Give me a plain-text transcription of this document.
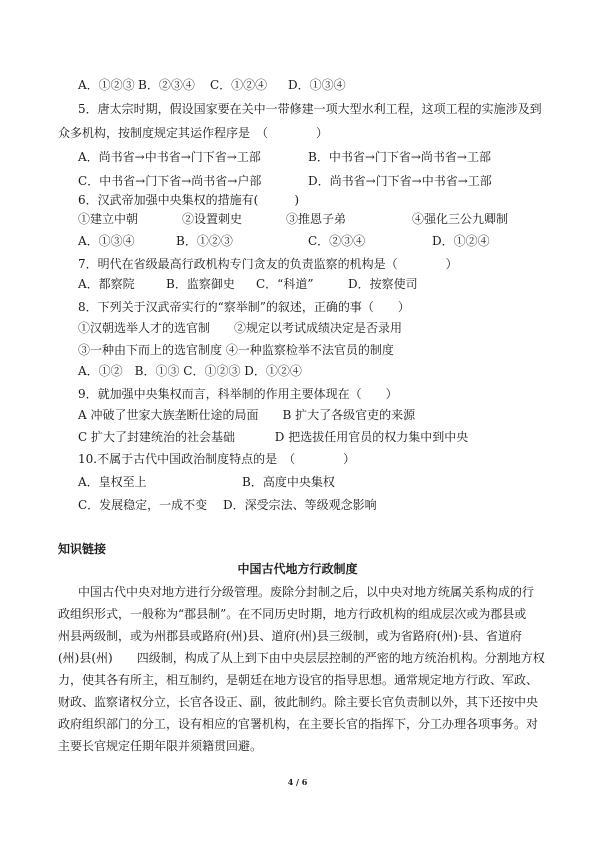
A．①②③ B．②③④ C．①②④ D．①③④
5．唐太宗时期，假设国家要在关中一带修建一项大型水利工程，这项工程的实施涉及到
众多机构，按制度规定其运作程序是　（　　　　）
A．尚书省→中书省→门下省→工部	B．中书省→门下省→尚书省→工部
C．中书省→门下省→尚书省→户部	D．尚书省→门下省→中书省→工部
6．汉武帝加强中央集权的措施有(　　　)
①建立中朝	②设置刺史	③推恩子弟	④强化三公九卿制
A．①③④	B．①②③	C．②③④	D．①②④
7．明代在省级最高行政机构专门贪友的负责监察的机构是（　　　　）
A．都察院	B．监察御史 C．“科道”	D．按察使司
8．下列关于汉武帝实行的“察举制”的叙述，正确的事（　　）
①汉朝选举人才的选官制　　②规定以考试成绩决定是否录用
③一种由下而上的选官制度 ④一种监察检举不法官员的制度
A．①②　B．①③ C．①②③ D．①②④
9．就加强中央集权而言，科举制的作用主要体现在（　　）
A 冲破了世家大族垄断仕途的局面　　B 扩大了各级官吏的来源
C 扩大了封建统治的社会基础　　　 D 把选拔任用官员的权力集中到中央
10.不属于古代中国政治制度特点的是　（　　　　）
A．皇权至上	B．高度中央集权
C．发展稳定，一成不变　 D．深受宗法、等级观念影响
知识链接
中国古代地方行政制度
中国古代中央对地方进行分级管理。废除分封制之后，以中央对地方统属关系构成的行
政组织形式，一般称为“郡县制”。在不同历史时期，地方行政机构的组成层次或为郡县或
州县两级制，或为州郡县或路府(州)县、道府(州)县三级制，或为省路府(州)·县、省道府
(州)县(州)　　四级制，构成了从上到下由中央层层控制的严密的地方统治机构。分割地方权
力，使其各有所主，相互制约，是朝廷在地方设官的指导思想。通常规定地方行政、军政、
财政、监察诸权分立，长官各设正、副，彼此制约。除主要长官负责制以外，其下还按中央
政府组织部门的分工，设有相应的官署机构，在主要长官的指挥下，分工办理各项事务。对
主要长官规定任期年限并须籍贯回避。
4 / 6
